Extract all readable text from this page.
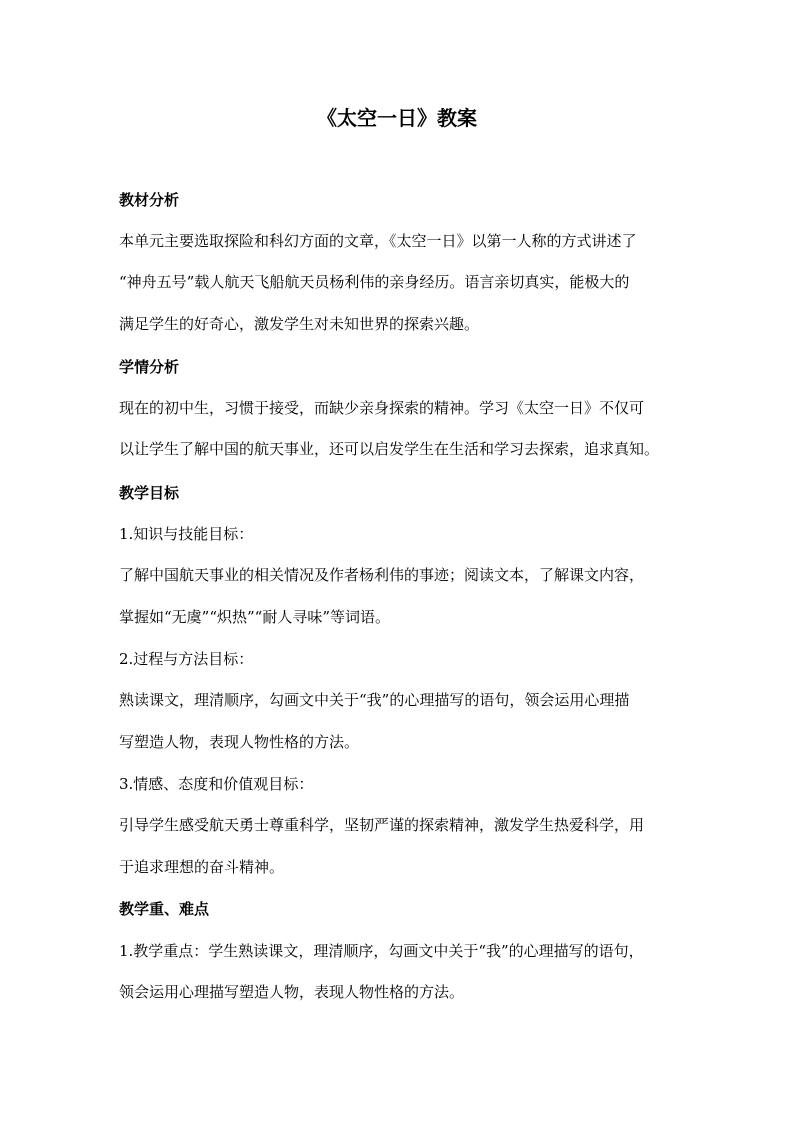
《太空一日》教案
教材分析
本单元主要选取探险和科幻方面的文章，《太空一日》以第一人称的方式讲述了
“神舟五号”载人航天飞船航天员杨利伟的亲身经历。语言亲切真实，能极大的
满足学生的好奇心，激发学生对未知世界的探索兴趣。
学情分析
现在的初中生，习惯于接受，而缺少亲身探索的精神。学习《太空一日》不仅可
以让学生了解中国的航天事业，还可以启发学生在生活和学习去探索，追求真知。
教学目标
1.知识与技能目标：
了解中国航天事业的相关情况及作者杨利伟的事迹；阅读文本，了解课文内容，
掌握如“无虞”“炽热”“耐人寻味”等词语。
2.过程与方法目标：
熟读课文，理清顺序，勾画文中关于“我”的心理描写的语句，领会运用心理描
写塑造人物，表现人物性格的方法。
3.情感、态度和价值观目标：
引导学生感受航天勇士尊重科学，坚韧严谨的探索精神，激发学生热爱科学，用
于追求理想的奋斗精神。
教学重、难点
1.教学重点：学生熟读课文，理清顺序，勾画文中关于“我”的心理描写的语句，
领会运用心理描写塑造人物，表现人物性格的方法。
